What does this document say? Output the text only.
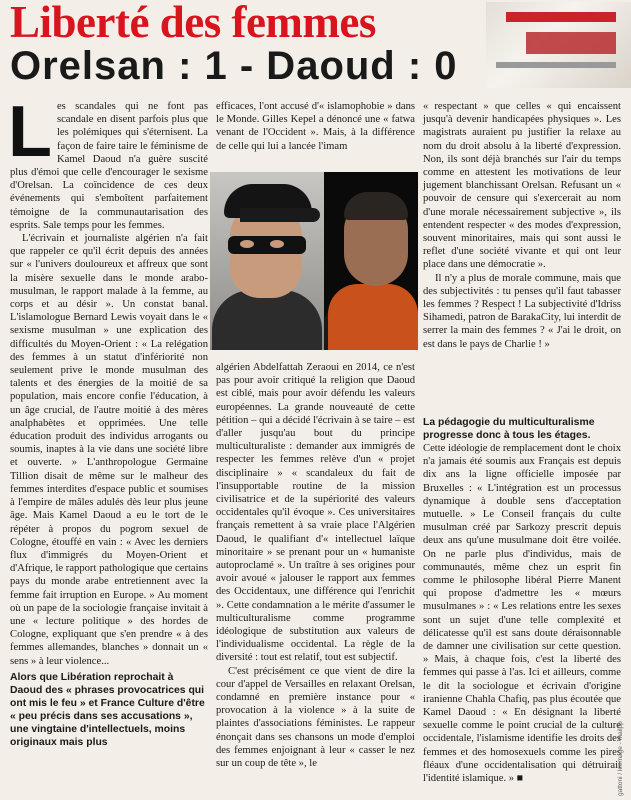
Liberté des femmes
Orelsan : 1 - Daoud : 0

Les scandales qui ne font pas scandale en disent parfois plus que les polémiques qui s'éternisent. La façon de faire taire le féminisme de Kamel Daoud n'a guère suscité plus d'émoi que celle d'encourager le sexisme d'Orelsan. La coïncidence de ces deux événements qui s'emboîtent parfaitement témoigne de la communautarisation des esprits. Sale temps pour les femmes.

L'écrivain et journaliste algérien n'a fait que rappeler ce qu'il écrit depuis des années sur « l'univers douloureux et affreux que sont la misère sexuelle dans le monde arabo-musulman, le rapport malade à la femme, au corps et au désir ». Un constat banal. L'islamologue Bernard Lewis voyait dans le « sexisme musulman » une explication des difficultés du Moyen-Orient : « La relégation des femmes à un statut d'infériorité non seulement prive le monde musulman des talents et des énergies de la moitié de sa population, mais encore confie l'éducation, à un âge crucial, de l'autre moitié à des mères analphabètes et opprimées. Une telle éducation produit des individus arrogants ou soumis, inaptes à la vie dans une société libre et ouverte. » L'anthropologue Germaine Tillion disait de même sur le malheur des femmes interdites d'espace public et soumises à l'empire de mâles adulés dès leur plus jeune âge. Mais Kamel Daoud a eu le tort de le répéter à propos du pogrom sexuel de Cologne, étouffé en vain : « Avec les derniers flux d'immigrés du Moyen-Orient et d'Afrique, le rapport pathologique que certains pays du monde arabe entretiennent avec la femme fait irruption en Europe. » Au moment où un pape de la sociologie française invitait à une « lecture politique » des hordes de Cologne, expliquant que s'en prendre « à des femmes allemandes, blanches » donnait un « sens » à leur violence...

Alors que Libération reprochait à Daoud des « phrases provocatrices qui ont mis le feu » et France Culture d'être « peu précis dans ses accusations », une vingtaine d'intellectuels, moins originaux mais plus

efficaces, l'ont accusé d'« islamophobie » dans le Monde. Gilles Kepel a dénoncé une « fatwa venant de l'Occident ». Mais, à la différence de celle qui lui a lancée l'imam

algérien Abdelfattah Zeraoui en 2014, ce n'est pas pour avoir critiqué la religion que Daoud est ciblé, mais pour avoir défendu les valeurs européennes. La grande nouveauté de cette pétition – qui a décidé l'écrivain à se taire – est d'aller jusqu'au bout du principe multiculturaliste : demander aux immigrés de respecter les femmes relève d'un « projet disciplinaire » « scandaleux du fait de l'insupportable routine de la mission civilisatrice et de la supériorité des valeurs occidentales qu'il évoque ». Ces universitaires français remettent à sa vraie place l'Algérien Daoud, le qualifiant d'« intellectuel laïque minoritaire » se prenant pour un « humaniste autoproclamé ». Un traître à ses origines pour avoir avoué « jalouser le rapport aux femmes des Occidentaux, une différence qui l'enrichit ». Cette condamnation a le mérite d'assumer le multiculturalisme comme programme idéologique de substitution aux valeurs de l'individualisme occidental. La règle de la diversité : tout est relatif, tout est subjectif.

C'est précisément ce que vient de dire la cour d'appel de Versailles en relaxant Orelsan, condamné en première instance pour « provocation à la violence » à la suite de plaintes d'associations féministes. Le rappeur énonçait dans ses chansons un mode d'emploi des femmes enjoignant à leur « casser le nez sur un coup de tête », le

« respectant » que celles « qui encaissent jusqu'à devenir handicapées physiques ». Les magistrats auraient pu justifier la relaxe au nom du droit absolu à la liberté d'expression. Non, ils sont déjà branchés sur l'air du temps comme en attestent les motivations de leur jugement blanchissant Orelsan. Refusant un « pouvoir de censure qui s'exercerait au nom d'une morale nécessairement subjective », ils entendent respecter « des modes d'expression, souvent minoritaires, mais qui sont aussi le reflet d'une société vivante et qui ont leur place dans une démocratie ».

Il n'y a plus de morale commune, mais que des subjectivités : tu penses qu'il faut tabasser les femmes ? Respect ! La subjectivité d'Idriss Sihamedi, patron de BarakaCity, lui interdit de serrer la main des femmes ? « J'ai le droit, on est dans le pays de Charlie ! »

La pédagogie du multiculturalisme progresse donc à tous les étages.

Cette idéologie de remplacement dont le choix n'a jamais été soumis aux Français est depuis dix ans la ligne officielle imposée par Bruxelles : « L'intégration est un processus dynamique à double sens d'acceptation mutuelle. » Le Conseil français du culte musulman créé par Sarkozy prescrit depuis deux ans qu'une musulmane doit être voilée. On ne parle plus d'individus, mais de communautés, même chez un esprit fin comme le philosophe libéral Pierre Manent qui propose d'admettre les « mœurs musulmanes » : « Les relations entre les sexes sont un sujet d'une telle complexité et délicatesse qu'il est sans doute déraisonnable de damner une civilisation sur cette question. » Mais, à chaque fois, c'est la liberté des femmes qui passe à l'as. Ici et ailleurs, comme le dit la sociologue et écrivain d'origine iranienne Chahla Chafiq, pas plus écoutée que Kamel Daoud : « En désignant la liberté sexuelle comme le point crucial de la culture occidentale, l'islamisme identifie les droits des femmes et des homosexuels comme les pires fléaux d'une occidentalisation qui détruirait l'identité islamique. » ■	gattoni / leemage - mailpp
